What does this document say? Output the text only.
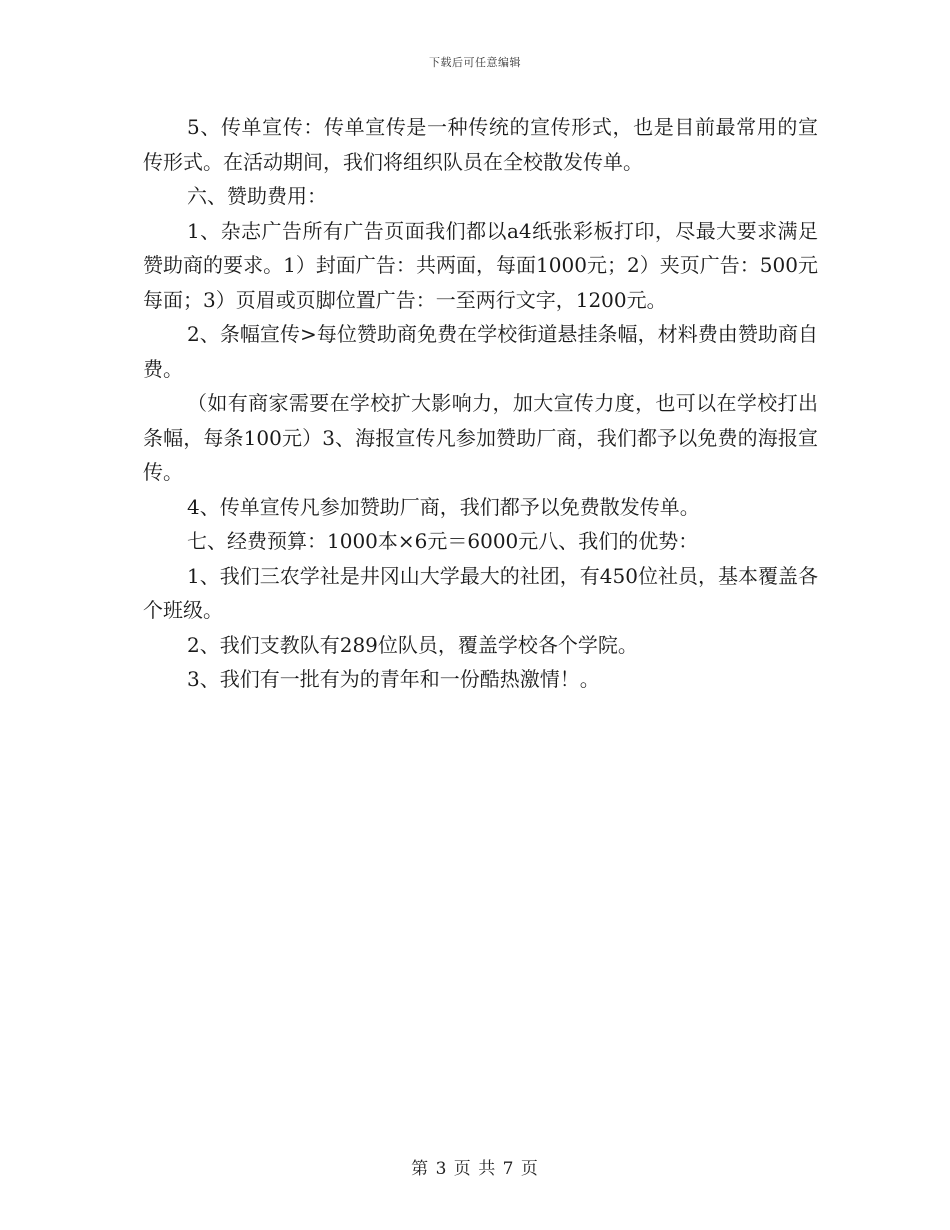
下载后可任意编辑

5、传单宣传：传单宣传是一种传统的宣传形式，也是目前最常用的宣传形式。在活动期间，我们将组织队员在全校散发传单。

六、赞助费用：

1、杂志广告所有广告页面我们都以a4纸张彩板打印，尽最大要求满足赞助商的要求。1）封面广告：共两面，每面1000元；2）夹页广告：500元每面；3）页眉或页脚位置广告：一至两行文字，1200元。

2、条幅宣传>每位赞助商免费在学校街道悬挂条幅，材料费由赞助商自费。

（如有商家需要在学校扩大影响力，加大宣传力度，也可以在学校打出条幅，每条100元）3、海报宣传凡参加赞助厂商，我们都予以免费的海报宣传。

4、传单宣传凡参加赞助厂商，我们都予以免费散发传单。

七、经费预算：1000本×6元＝6000元八、我们的优势：

1、我们三农学社是井冈山大学最大的社团，有450位社员，基本覆盖各个班级。

2、我们支教队有289位队员，覆盖学校各个学院。

3、我们有一批有为的青年和一份酷热激情！。

第 3 页 共 7 页
